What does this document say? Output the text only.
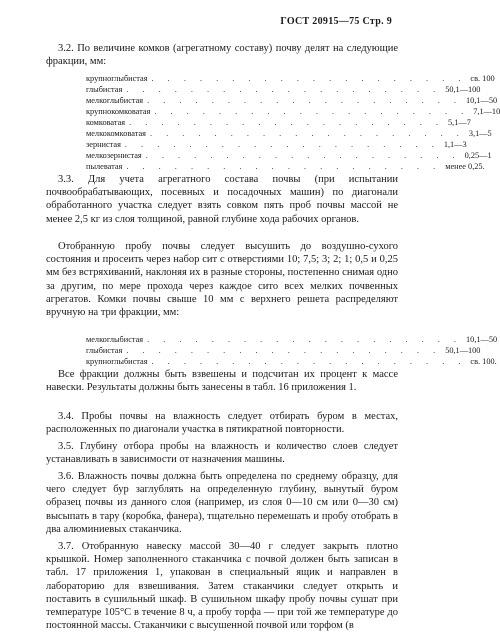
ГОСТ 20915—75 Стр. 9

3.2. По величине комков (агрегатному составу) почву делят на следующие фракции, мм:

крупноглыбистая . . . . . . . . . . . . . . . . . . . . св. 100
глыбистая . . . . . . . . . . . . . . . . . . . . 50,1—100
мелкоглыбистая . . . . . . . . . . . . . . . . . . . . 10,1—50
крупнокомковатая . . . . . . . . . . . . . . . . . . . . 7,1—10
комковатая . . . . . . . . . . . . . . . . . . . . 5,1—7
мелкокомковатая . . . . . . . . . . . . . . . . . . . . 3,1—5
зернистая . . . . . . . . . . . . . . . . . . . . 1,1—3
мелкозернистая . . . . . . . . . . . . . . . . . . . . 0,25—1
пылеватая . . . . . . . . . . . . . . . . . . . . менее 0,25.

3.3. Для учета агрегатного состава почвы (при испытании почвообрабатывающих, посевных и посадочных машин) по диагонали обработанного участка следует взять совком пять проб почвы массой не менее 2,5 кг из слоя толщиной, равной глубине хода рабочих органов.

Отобранную пробу почвы следует высушить до воздушно-сухого состояния и просеить через набор сит с отверстиями 10; 7,5; 3; 2; 1; 0,5 и 0,25 мм без встряхиваний, наклоняя их в разные стороны, постепенно снимая одно за другим, по мере прохода через каждое сито всех мелких почвенных агрегатов. Комки почвы свыше 10 мм с верхнего решета распределяют вручную на три фракции, мм:

мелкоглыбистая . . . . . . . . . . . . . . . . . . . . 10,1—50
глыбистая . . . . . . . . . . . . . . . . . . . . 50,1—100
крупноглыбистая . . . . . . . . . . . . . . . . . . . . св. 100.

Все фракции должны быть взвешены и подсчитан их процент к массе навески. Результаты должны быть занесены в табл. 16 приложения 1.

3.4. Пробы почвы на влажность следует отбирать буром в местах, расположенных по диагонали участка в пятикратной повторности.

3.5. Глубину отбора пробы на влажность и количество слоев следует устанавливать в зависимости от назначения машины.

3.6. Влажность почвы должна быть определена по среднему образцу, для чего следует бур заглублять на определенную глубину, вынутый буром образец почвы из данного слоя (например, из слоя 0—10 см или 0—30 см) высыпать в тару (коробка, фанера), тщательно перемешать и пробу отобрать в два алюминиевых стаканчика.

3.7. Отобранную навеску массой 30—40 г следует закрыть плотно крышкой. Номер заполненного стаканчика с почвой должен быть записан в табл. 17 приложения 1, упакован в специальный ящик и направлен в лабораторию для взвешивания. Затем стаканчики следует открыть и поставить в сушильный шкаф. В сушильном шкафу пробу почвы сушат при температуре 105°С в течение 8 ч, а пробу торфа — при той же температуре до постоянной массы. Стаканчики с высушенной почвой или торфом (в
